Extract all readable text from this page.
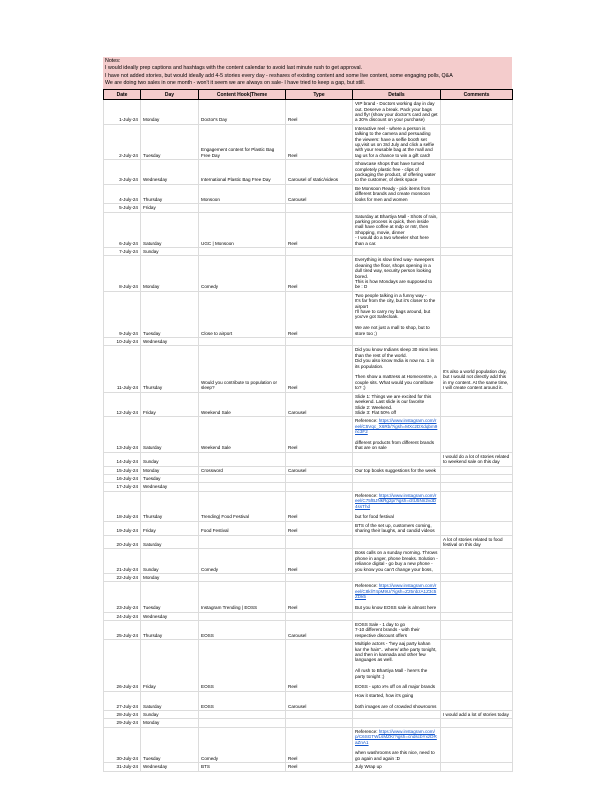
Notes:
I would ideally prep captions and hashtags with the content calendar to avoid last minute rush to get approval.
I have not added stories, but would ideally add 4-5 stories every day - reshares of existing content and some live content, some engaging polls, Q&A
We are doing two sales in one month - won't it seem we are always on sale- I have tried to keep a gap, but still.
Date	Day	Content Hook|Theme	Type	Details	Comments
1-July-24	Monday	Doctor's Day	Reel	VIP brand - Doctors working day in day out. Deserve a break. Pack your bags and fly! (show your doctor's card and get a 30% discount on your purchase)	

2-July-24	Tuesday	Engagement content for Plastic Bag Free Day	Reel	Interactive reel - where a person is talking to the camera and persuading the viewers: have a selfie booth set up,visit us on 3rd July and click a selfie with your reusable bag at the mall and tag us for a chance to win a gift card!	

3-July-24	Wednesday	International Plastic Bag Free Day	Carousel of static/videos	Showcase shops that have turned completely plastic free - clips of packaging the product, of offering water to the customer, of desk space	

4-July-24	Thursday	Monsoon	Carousel	Be Monsoon Ready - pick items from different brands and create monsoon looks for men and women	

5-July-24	Friday				
6-July-24	Saturday	UGC | Monsoon	Reel	Saturday at Bhartiya Mall - Shots of rain, parking process is quick, then inside mall have coffee at mdp or mtr, then Shopping, movie, dinner
- I would do a two wheeler shot here than a car.	

7-July-24	Sunday				
8-July-24	Monday	Comedy	Reel	Everything is slow tired way- sweepers cleaning the floor, shops opening in a dull tired way, security person looking bored.
This is how Mondays are supposed to be : D	

9-July-24	Tuesday	Close to airport	Reel	Two people talking in a funny way -
It's far from the city, but it's closer to the airport
I'll have to carry my bags around, but you've got Safecloak.

We are not just a mall to shop, but to store too ;)	

10-July-24	Wednesday				
11-July-24	Thursday	Would you contribute to population or sleep?	Reel	Did you know Indians sleep 30 mins less than the rest of the world.
Did you also know India is now no. 1 in its population.

Then show a mattress at Homecentre, a couple sits. What would you contribute to? ;)	It's also a world population day, but I would not directly add this in my content. At the same time, I will create content around it.
12-July-24	Friday	Weekend Sale	Carousel	Slide 1: Things we are excited for this weekend. Last slide is our favorite
Slide 2: Weekend.
Slide 3: Flat 50% off	

13-July-24	Saturday	Weekend Sale	Reel	Reference: https://www.instagram.com/reel/C5Vqc_X6Rb/?igsh=MXc2DXdqbm9nc3F2

different products from different brands that are on sale	

14-July-24	Sunday				I would do a lot of stories related to weekend sale on this day
15-July-24	Monday	Crossword	Carousel	Our top books suggestions for the week	

16-July-24	Tuesday				
17-July-24	Wednesday				
18-July-24	Thursday	Trending| Food Festival	Reel	Reference: https://www.instagram.com/reel/C75fBJNkRg2p/?igsh=cltU5Nn2vdD4ssThd

but for food festival	

19-July-24	Friday	Food Festival	Reel	BTS of the set up, customers coming, sharing their laughs, and candid videos	

20-July-24	Saturday				A lot of stories related to food festival on this day
21-July-24	Sunday	Comedy	Reel	Boss calls on a sunday morning. Throws phone in anger, phone breaks. Solution - reliance digital - go buy a new phone - you know you can't change your boss,	

22-July-24	Monday				
23-July-24	Tuesday	Instagram Trending | EOSS	Reel	Reference: https://www.instagram.com/reel/C8kliT4pM9U/?igsh=Z25nbzA1Z3c5ZDk5

But you know EOSS sale is almost here	

24-July-24	Wednesday				
25-July-24	Thursday	EOSS	Carousel	EOSS Sale - 1 day to go
7-10 different brands - with their respective discount offers	

26-July-24	Friday	EOSS	Reel	Multiple actors - "hey aaj party kahan kar rhe hain".. where/ athe party tonight, and then in kannada and other few languages as well.

All rush to Bhartiya Mall - here's the party tonight ;)

EOSS - upto x% off on all major brands	

27-July-24	Saturday	EOSS	Carousel	How it started, how it's going

both images are of crowded showrooms	

28-July-24	Sunday				I would add a lot of stories today
29-July-24	Monday				
30-July-24	Tuesday	Comedy	Reel	Reference: https://www.instagram.com/p/C6SGTWLsMZK/?igsh=cndscbYxzDRaZnA1

when washrooms are this nice, need to go again and again :D	

31-July-24	Wednesday	BTS	Reel	July Wrap up	
